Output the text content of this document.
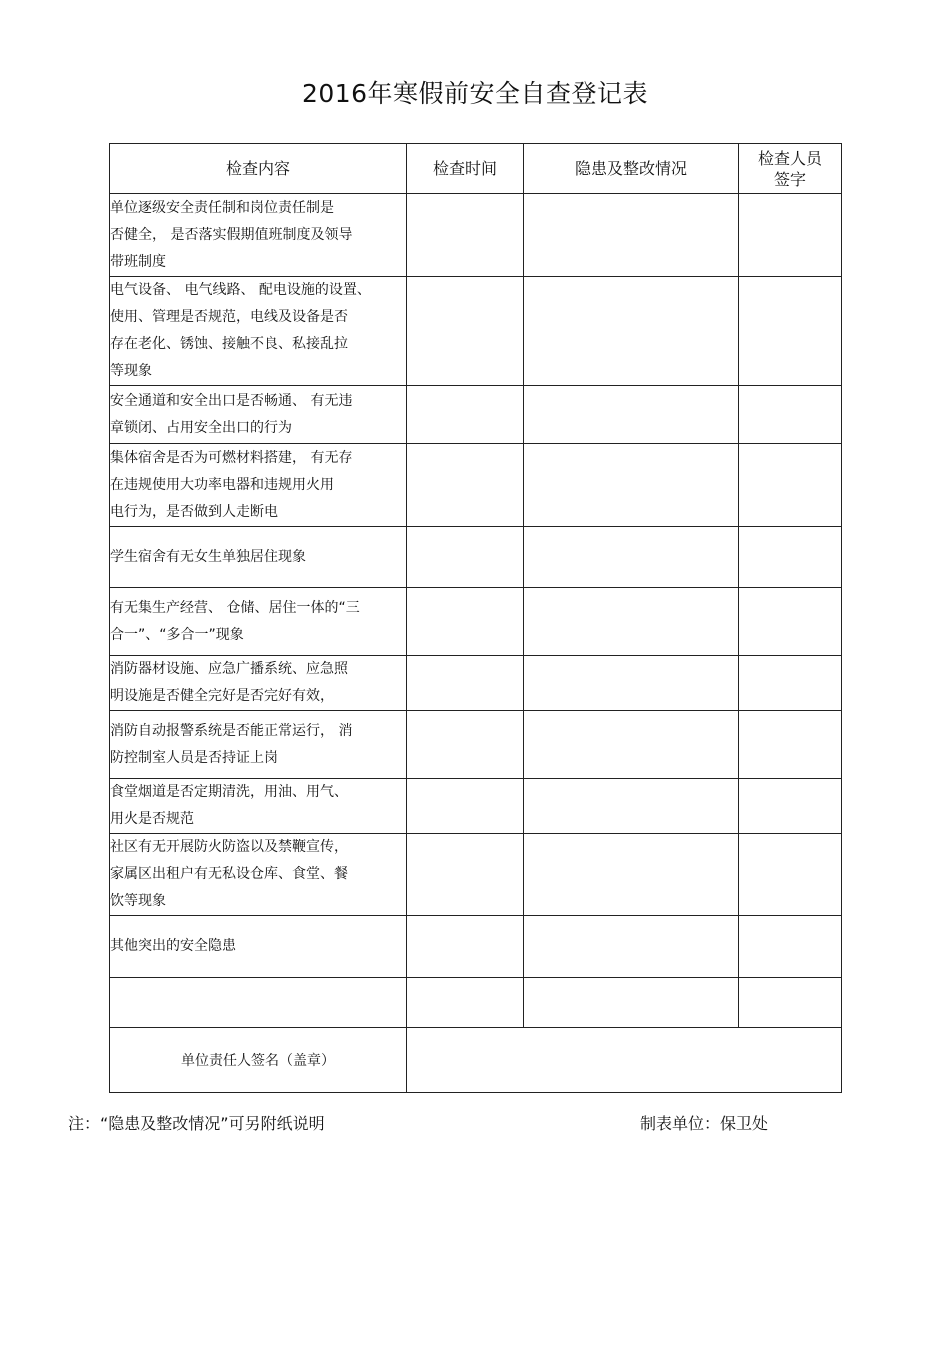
2016年寒假前安全自查登记表
检查内容	检查时间	隐患及整改情况	检查人员
签字

单位逐级安全责任制和岗位责任制是
否健全， 是否落实假期值班制度及领导
带班制度			

电气设备、 电气线路、 配电设施的设置、
使用、管理是否规范，电线及设备是否
存在老化、锈蚀、接触不良、私接乱拉
等现象			

安全通道和安全出口是否畅通、 有无违
章锁闭、占用安全出口的行为			

集体宿舍是否为可燃材料搭建， 有无存
在违规使用大功率电器和违规用火用
电行为，是否做到人走断电			

学生宿舍有无女生单独居住现象			

有无集生产经营、 仓储、居住一体的“三
合一”、“多合一”现象			

消防器材设施、应急广播系统、应急照
明设施是否健全完好是否完好有效，			

消防自动报警系统是否能正常运行， 消
防控制室人员是否持证上岗			

食堂烟道是否定期清洗，用油、用气、
用火是否规范			

社区有无开展防火防盗以及禁鞭宣传，
家属区出租户有无私设仓库、食堂、餐
饮等现象			

其他突出的安全隐患			

单位责任人签名（盖章）			
注：“隐患及整改情况”可另附纸说明	制表单位：保卫处
